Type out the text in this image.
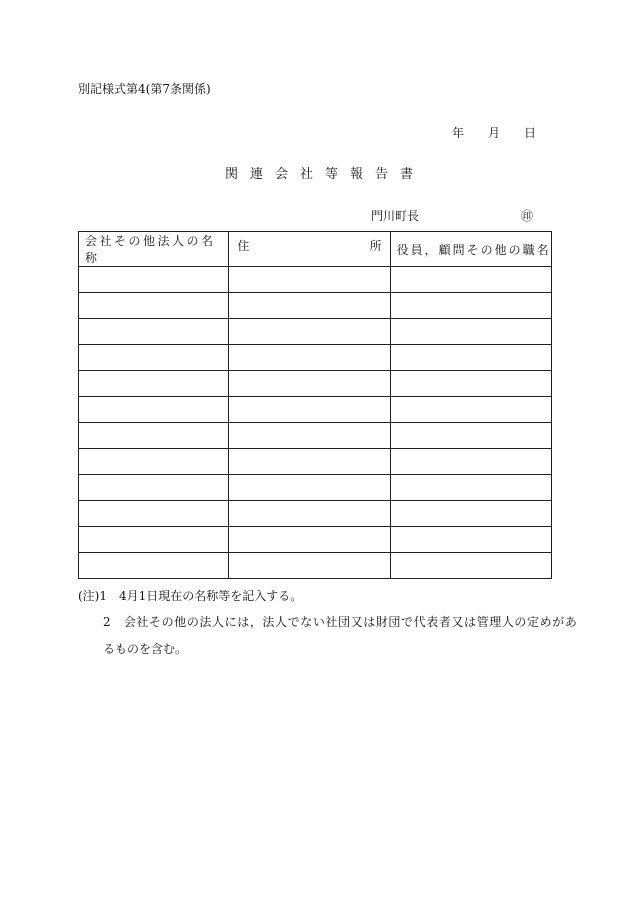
別記様式第4(第7条関係)
年 月 日
関連会社等報告書
門川町長	㊞
会社その他法人の名称	住 所	役員，顧問その他の職名

(注)1　4月1日現在の名称等を記入する。
2　会社その他の法人には，法人でない社団又は財団で代表者又は管理人の定めがあ
るものを含む。
